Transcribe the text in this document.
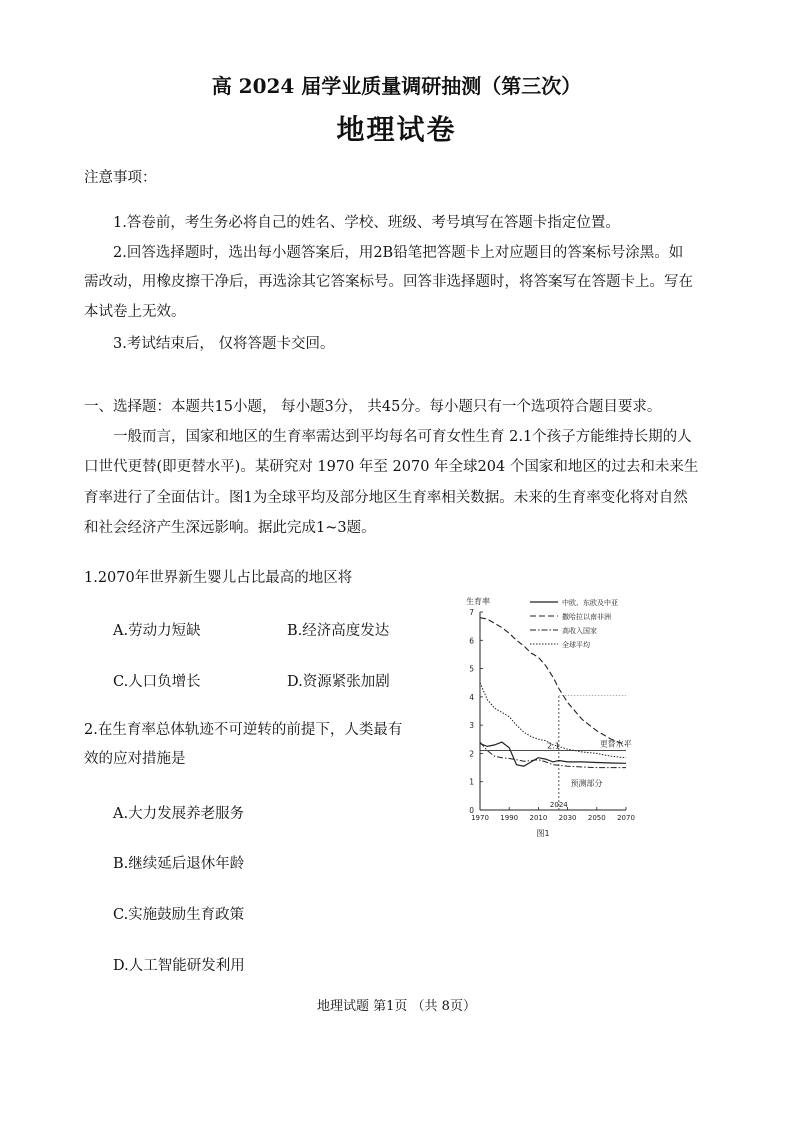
高 2024 届学业质量调研抽测（第三次）
地理试卷
注意事项：
1.答卷前，考生务必将自己的姓名、学校、班级、考号填写在答题卡指定位置。
2.回答选择题时，选出每小题答案后，用2B铅笔把答题卡上对应题目的答案标号涂黑。如
需改动，用橡皮擦干净后，再选涂其它答案标号。回答非选择题时，将答案写在答题卡上。写在
本试卷上无效。
3.考试结束后， 仅将答题卡交回。
一、选择题：本题共15小题， 每小题3分， 共45分。每小题只有一个选项符合题目要求。
一般而言，国家和地区的生育率需达到平均每名可育女性生育 2.1个孩子方能维持长期的人
口世代更替(即更替水平)。某研究对 1970 年至 2070 年全球204 个国家和地区的过去和未来生
育率进行了全面估计。图1为全球平均及部分地区生育率相关数据。未来的生育率变化将对自然
和社会经济产生深远影响。据此完成1~3题。
1.2070年世界新生婴儿占比最高的地区将
A.劳动力短缺	B.经济高度发达
C.人口负增长	D.资源紧张加剧
2.在生育率总体轨迹不可逆转的前提下，人类最有
效的应对措施是
A.大力发展养老服务
B.继续延后退休年龄
C.实施鼓励生育政策
D.人工智能研发利用
生育率
0
1
2
3
4
5
6
7
1970 1990 2010 2030 2050 2070
2.1	更替水平
2024
预测部分
中欧、东欧及中亚
撒哈拉以南非洲
高收入国家
全球平均
图1
地理试题 第1页 （共 8页）
